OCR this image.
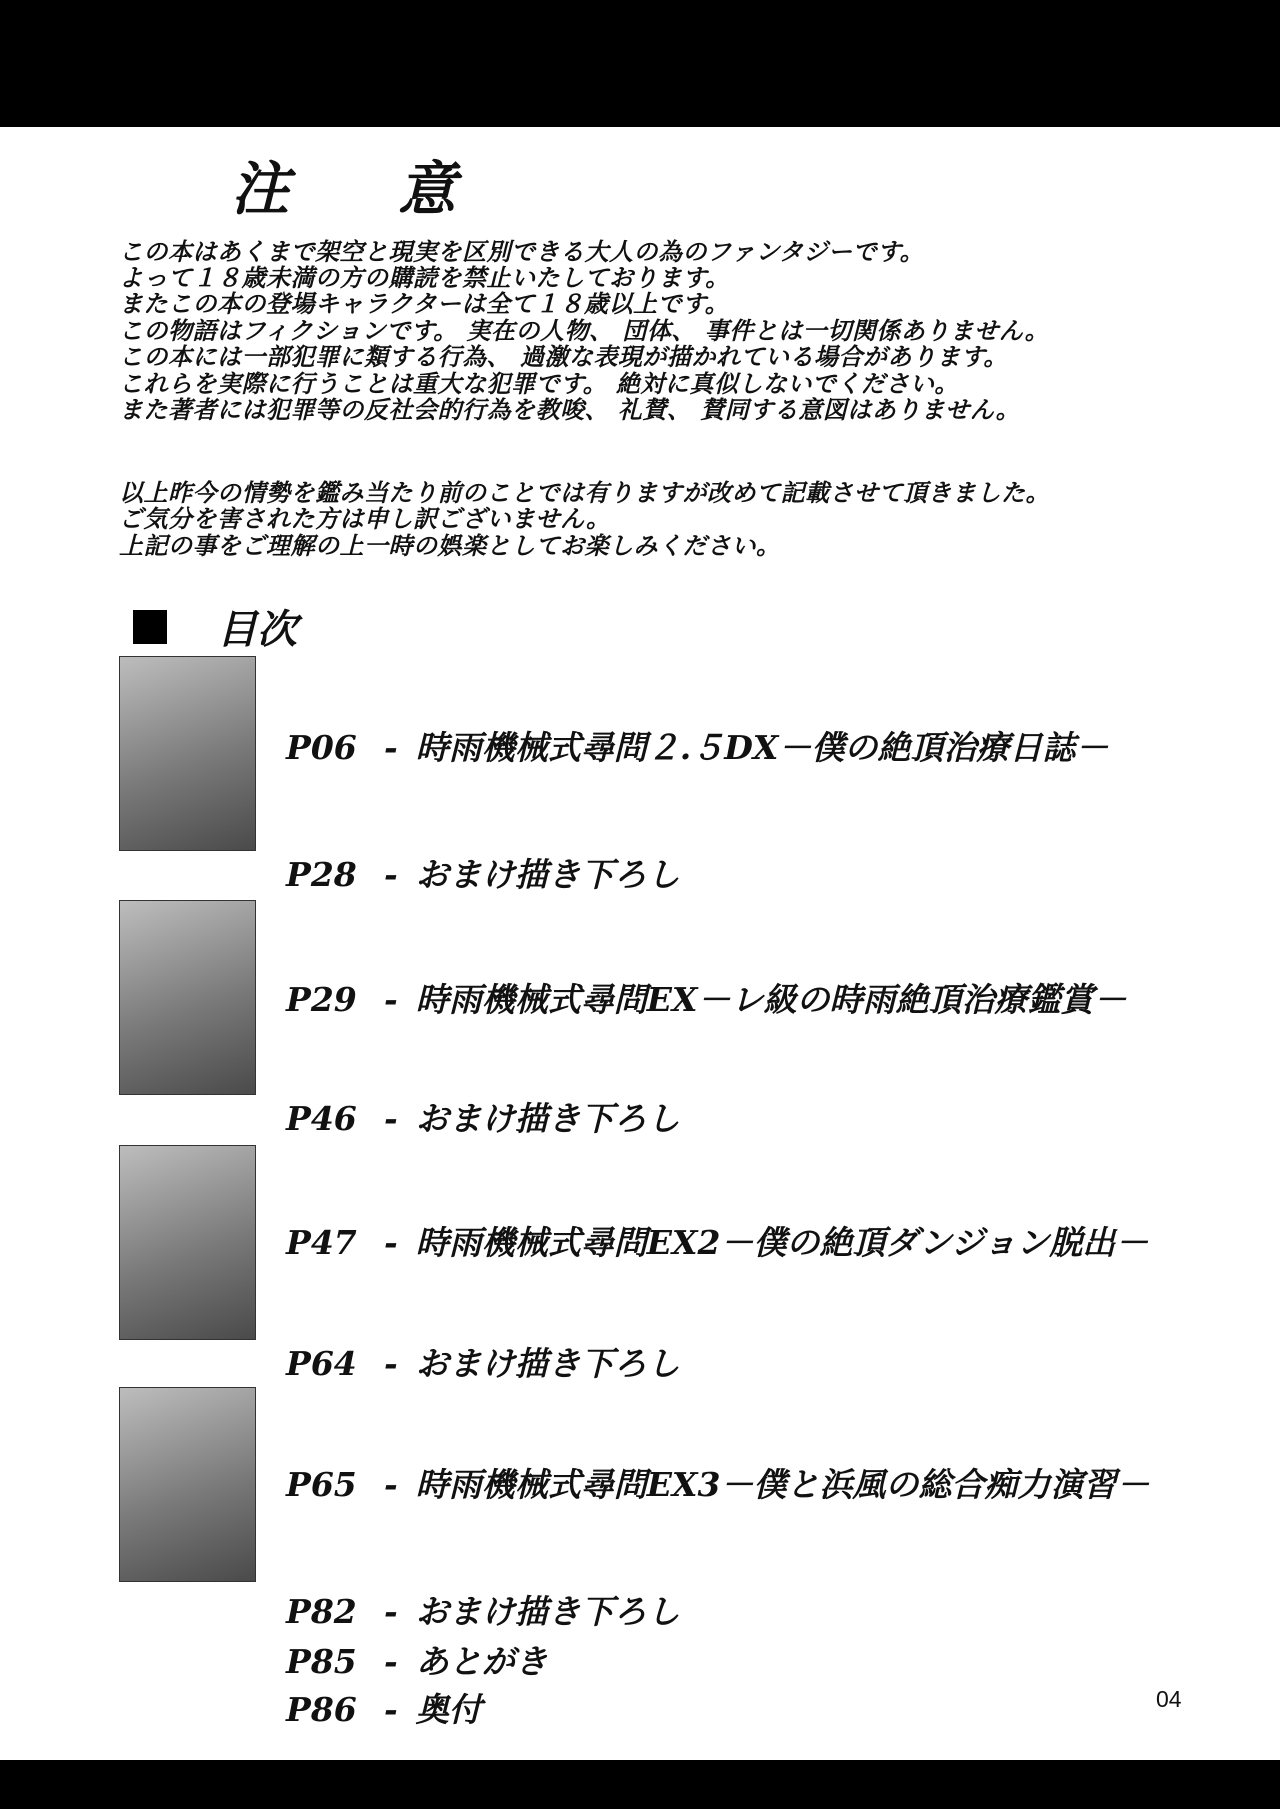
注 意
この本はあくまで架空と現実を区別できる大人の為のファンタジーです。
よって１８歳未満の方の購読を禁止いたしております。
またこの本の登場キャラクターは全て１８歳以上です。
この物語はフィクションです。 実在の人物、 団体、 事件とは一切関係ありません。
この本には一部犯罪に類する行為、 過激な表現が描かれている場合があります。
これらを実際に行うことは重大な犯罪です。 絶対に真似しないでください。
また著者には犯罪等の反社会的行為を教唆、 礼賛、 賛同する意図はありません。
以上昨今の情勢を鑑み当たり前のことでは有りますが改めて記載させて頂きました。
ご気分を害された方は申し訳ございません。
上記の事をご理解の上一時の娯楽としてお楽しみください。
目次
P06 - 時雨機械式尋問２.５DX－僕の絶頂治療日誌－
P28 - おまけ描き下ろし
P29 - 時雨機械式尋問EX－レ級の時雨絶頂治療鑑賞－
P46 - おまけ描き下ろし
P47 - 時雨機械式尋問EX2－僕の絶頂ダンジョン脱出－
P64 - おまけ描き下ろし
P65 - 時雨機械式尋問EX3－僕と浜風の総合痴力演習－
P82 - おまけ描き下ろし
P85 - あとがき
P86 - 奥付	04
